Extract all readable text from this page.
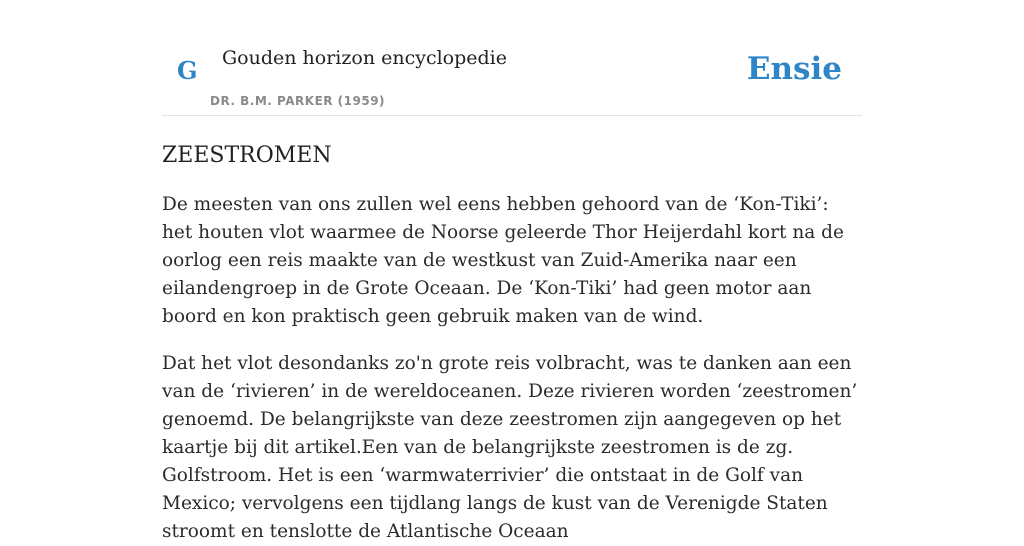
G Gouden horizon encyclopedie
DR. B.M. PARKER (1959)
Ensie
ZEESTROMEN

De meesten van ons zullen wel eens hebben gehoord van de ‘Kon-Tiki’: het houten vlot waarmee de Noorse geleerde Thor Heijerdahl kort na de oorlog een reis maakte van de westkust van Zuid-Amerika naar een eilandengroep in de Grote Oceaan. De ‘Kon-Tiki’ had geen motor aan boord en kon praktisch geen gebruik maken van de wind.

Dat het vlot desondanks zo'n grote reis volbracht, was te danken aan een van de ‘rivieren’ in de wereldoceanen. Deze rivieren worden ‘zeestromen’ genoemd. De belangrijkste van deze zeestromen zijn aangegeven op het kaartje bij dit artikel.Een van de belangrijkste zeestromen is de zg. Golfstroom. Het is een ‘warmwaterrivier’ die ontstaat in de Golf van Mexico; vervolgens een tijdlang langs de kust van de Verenigde Staten stroomt en tenslotte de Atlantische Oceaan
